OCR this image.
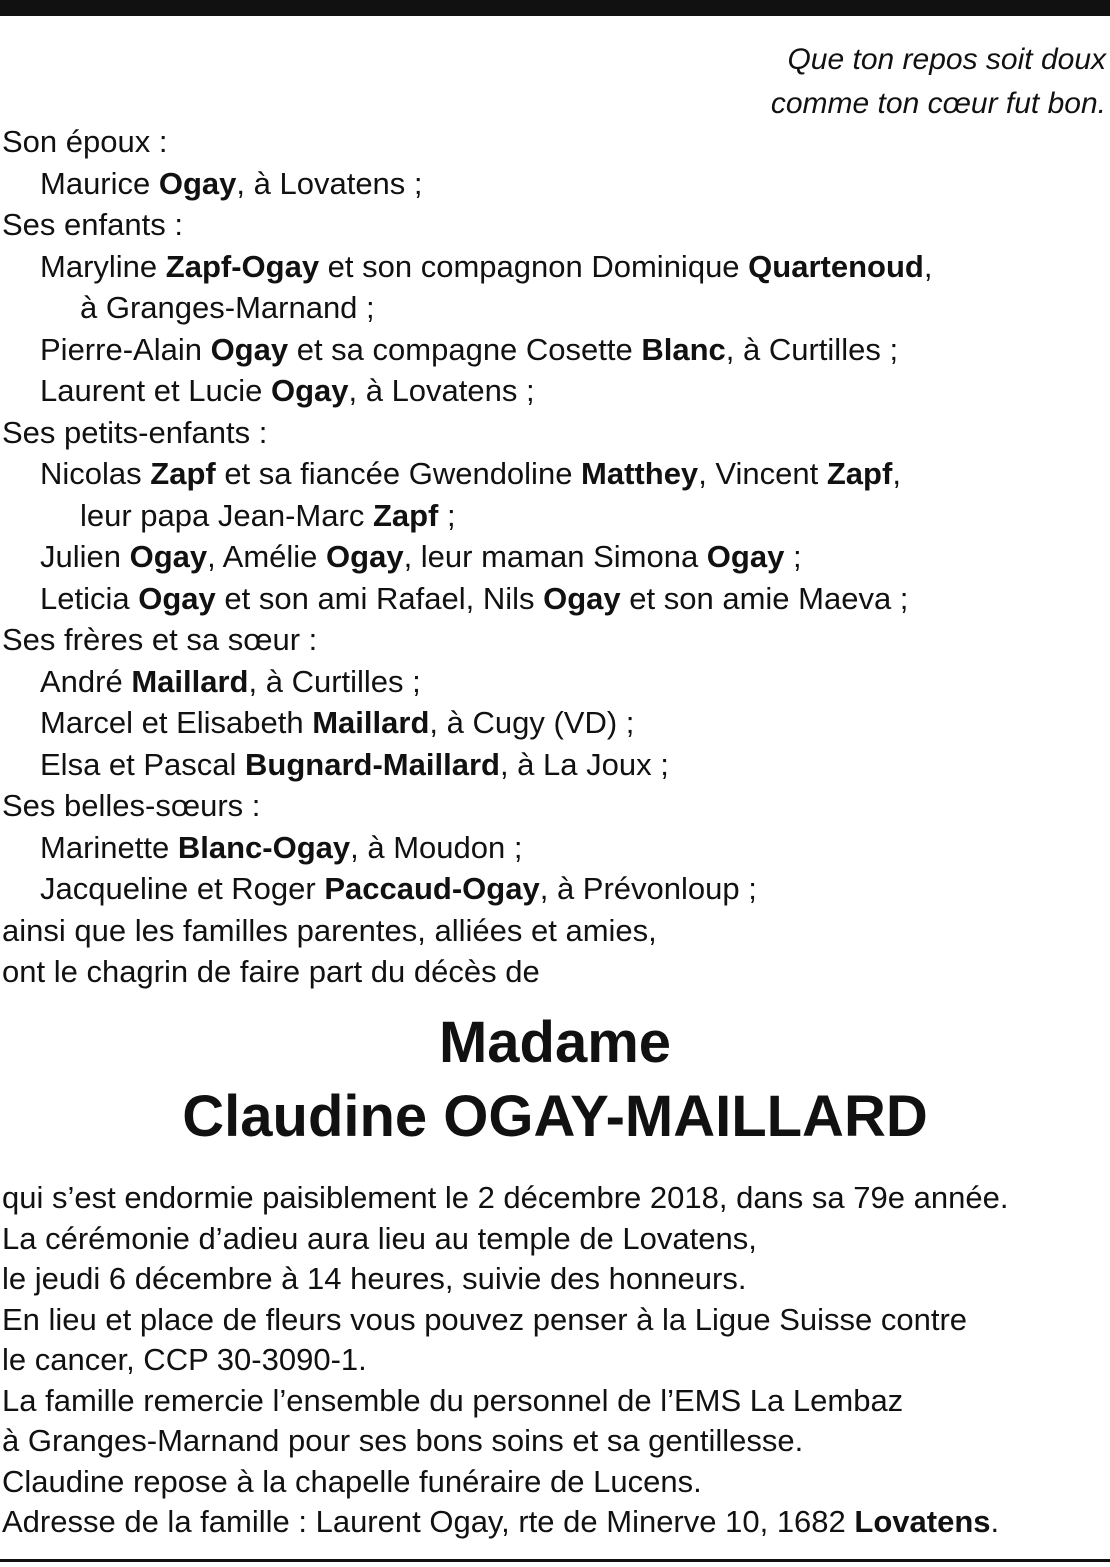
Que ton repos soit doux
comme ton cœur fut bon.
Son époux :
Maurice Ogay, à Lovatens ;
Ses enfants :
Maryline Zapf-Ogay et son compagnon Dominique Quartenoud,
à Granges-Marnand ;
Pierre-Alain Ogay et sa compagne Cosette Blanc, à Curtilles ;
Laurent et Lucie Ogay, à Lovatens ;
Ses petits-enfants :
Nicolas Zapf et sa fiancée Gwendoline Matthey, Vincent Zapf,
leur papa Jean-Marc Zapf ;
Julien Ogay, Amélie Ogay, leur maman Simona Ogay ;
Leticia Ogay et son ami Rafael, Nils Ogay et son amie Maeva ;
Ses frères et sa sœur :
André Maillard, à Curtilles ;
Marcel et Elisabeth Maillard, à Cugy (VD) ;
Elsa et Pascal Bugnard-Maillard, à La Joux ;
Ses belles-sœurs :
Marinette Blanc-Ogay, à Moudon ;
Jacqueline et Roger Paccaud-Ogay, à Prévonloup ;
ainsi que les familles parentes, alliées et amies,
ont le chagrin de faire part du décès de
Madame
Claudine OGAY-MAILLARD
qui s’est endormie paisiblement le 2 décembre 2018, dans sa 79e année.
La cérémonie d’adieu aura lieu au temple de Lovatens,
le jeudi 6 décembre à 14 heures, suivie des honneurs.
En lieu et place de fleurs vous pouvez penser à la Ligue Suisse contre
le cancer, CCP 30-3090-1.
La famille remercie l’ensemble du personnel de l’EMS La Lembaz
à Granges-Marnand pour ses bons soins et sa gentillesse.
Claudine repose à la chapelle funéraire de Lucens.
Adresse de la famille : Laurent Ogay, rte de Minerve 10, 1682 Lovatens.
